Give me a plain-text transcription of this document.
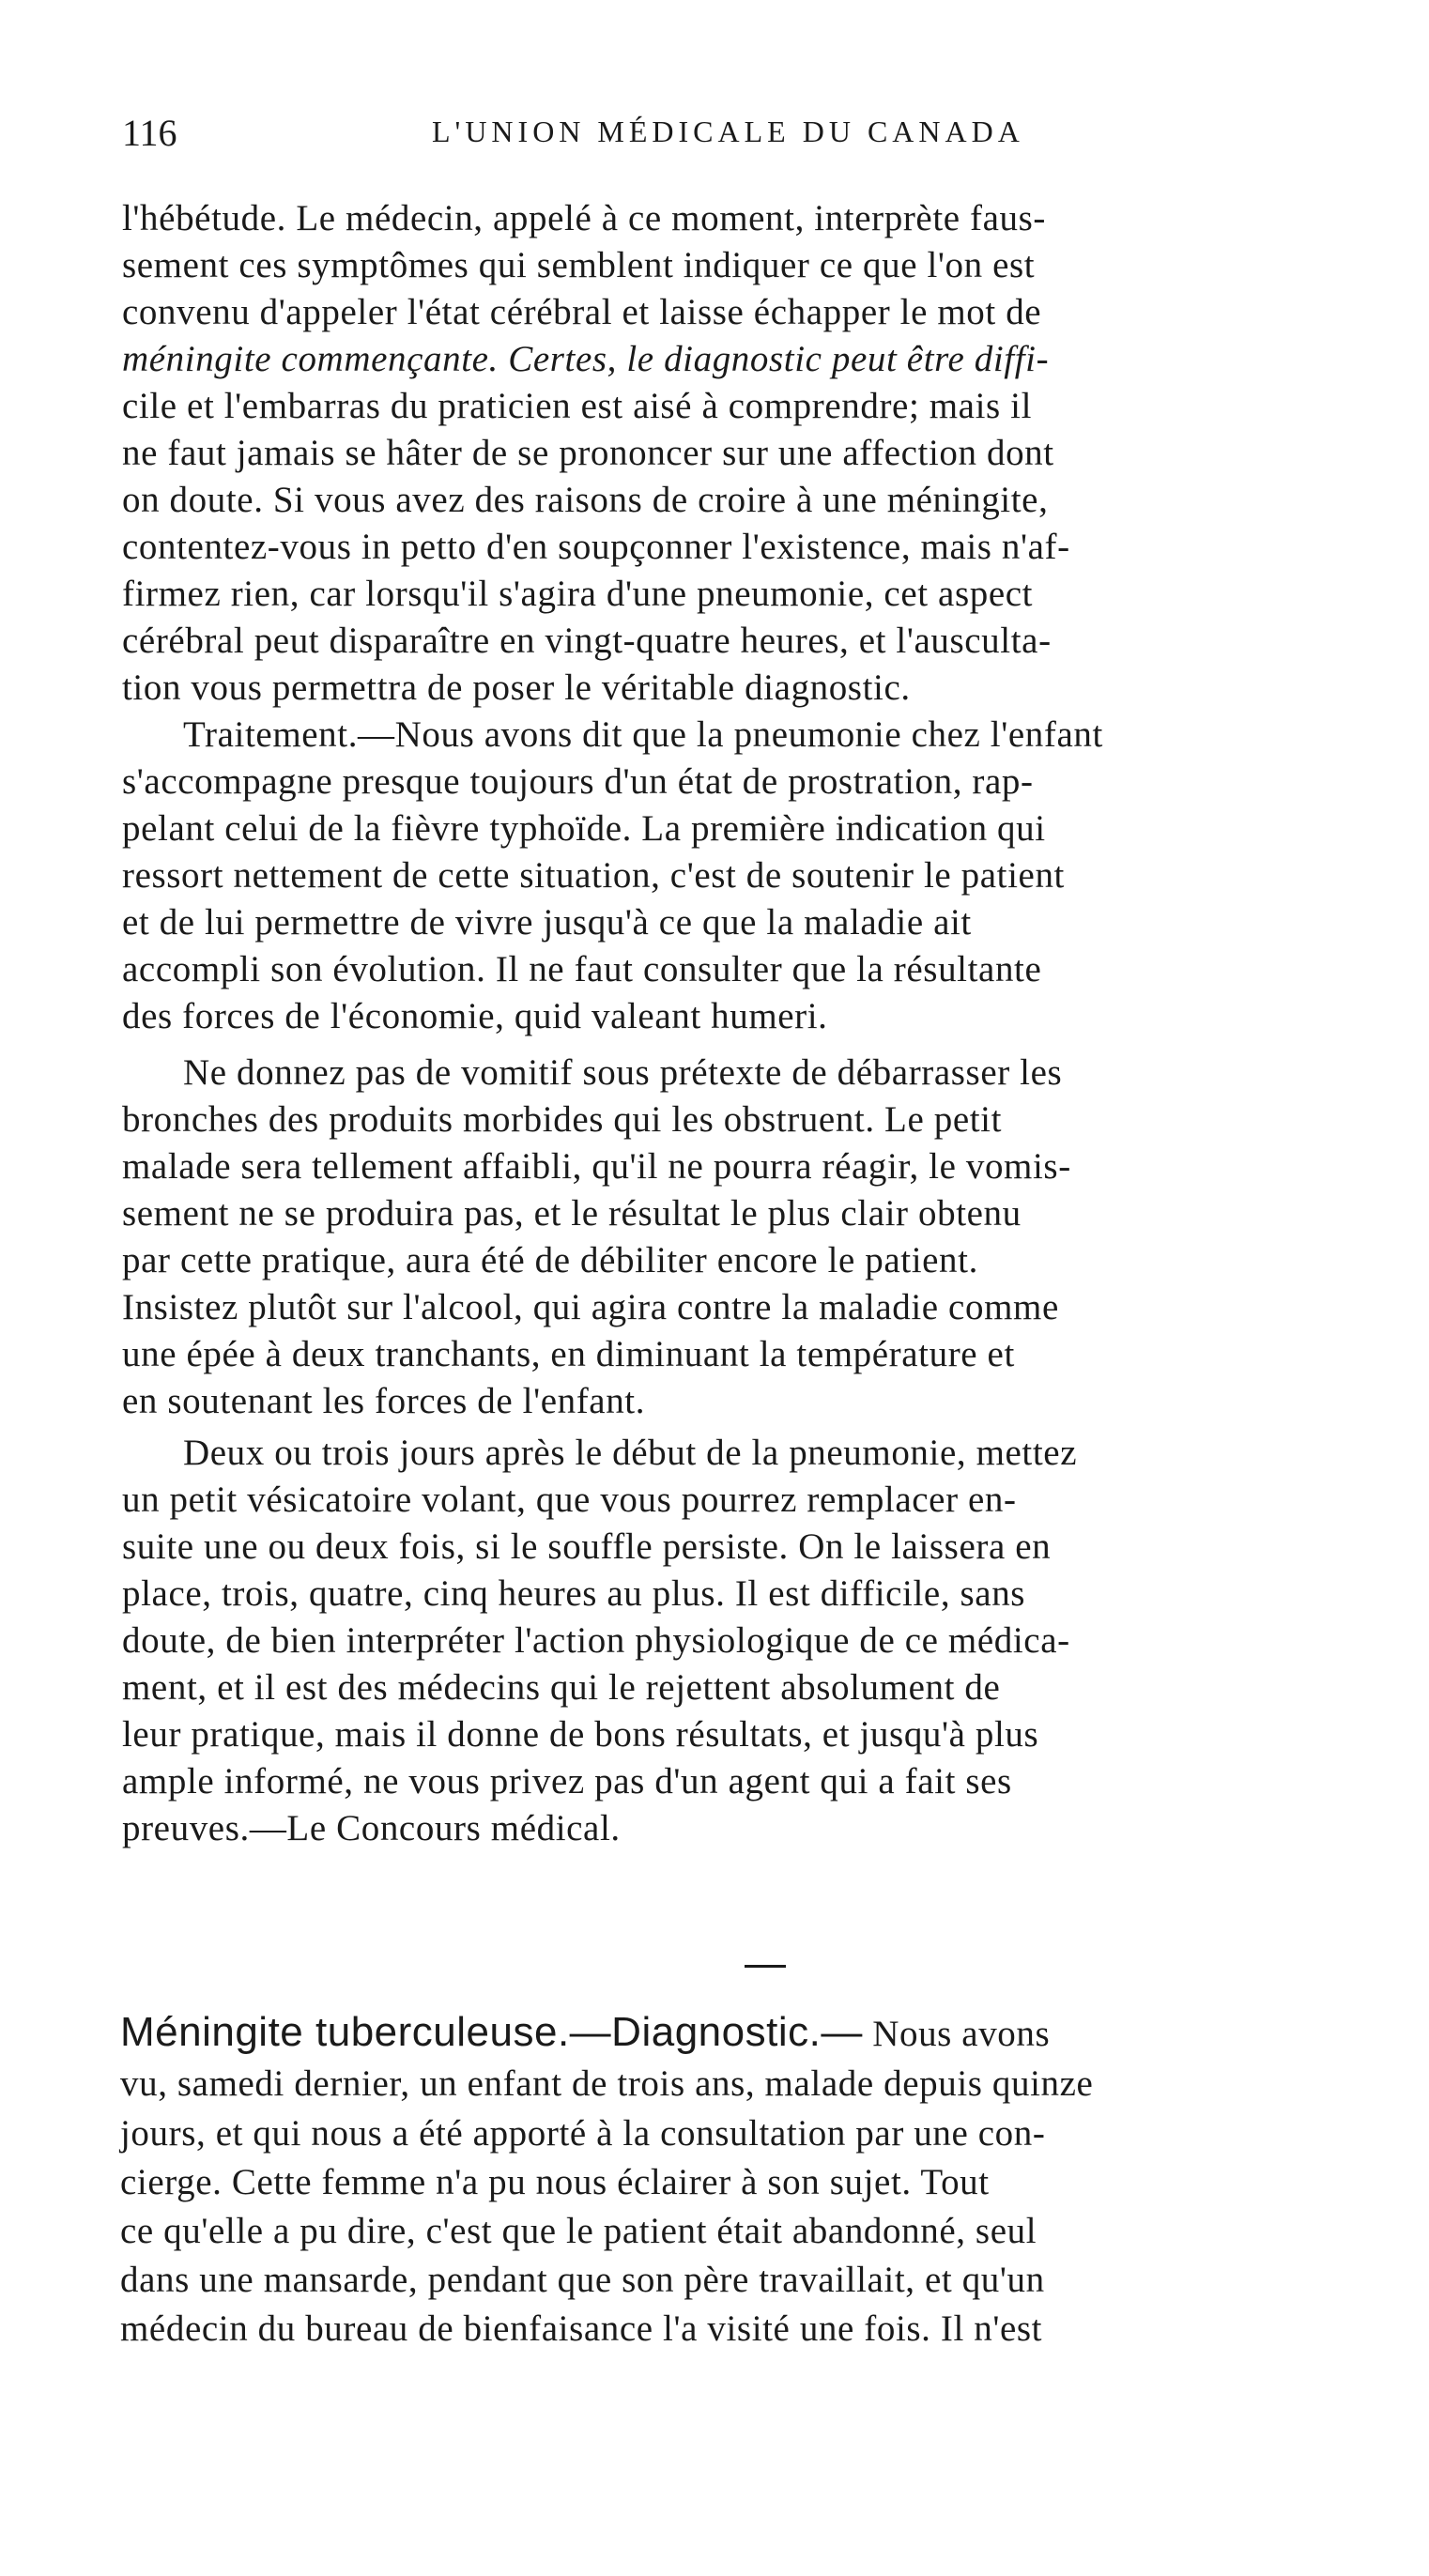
116	L'UNION MÉDICALE DU CANADA
l'hébétude. Le médecin, appelé à ce moment, interprète faus-
sement ces symptômes qui semblent indiquer ce que l'on est
convenu d'appeler l'état cérébral et laisse échapper le mot de
méningite commençante. Certes, le diagnostic peut être diffi-
cile et l'embarras du praticien est aisé à comprendre; mais il
ne faut jamais se hâter de se prononcer sur une affection dont
on doute. Si vous avez des raisons de croire à une méningite,
contentez-vous in petto d'en soupçonner l'existence, mais n'af-
firmez rien, car lorsqu'il s'agira d'une pneumonie, cet aspect
cérébral peut disparaître en vingt-quatre heures, et l'ausculta-
tion vous permettra de poser le véritable diagnostic.
Traitement.—Nous avons dit que la pneumonie chez l'enfant
s'accompagne presque toujours d'un état de prostration, rap-
pelant celui de la fièvre typhoïde. La première indication qui
ressort nettement de cette situation, c'est de soutenir le patient
et de lui permettre de vivre jusqu'à ce que la maladie ait
accompli son évolution. Il ne faut consulter que la résultante
des forces de l'économie, quid valeant humeri.
Ne donnez pas de vomitif sous prétexte de débarrasser les
bronches des produits morbides qui les obstruent. Le petit
malade sera tellement affaibli, qu'il ne pourra réagir, le vomis-
sement ne se produira pas, et le résultat le plus clair obtenu
par cette pratique, aura été de débiliter encore le patient.
Insistez plutôt sur l'alcool, qui agira contre la maladie comme
une épée à deux tranchants, en diminuant la température et
en soutenant les forces de l'enfant.
Deux ou trois jours après le début de la pneumonie, mettez
un petit vésicatoire volant, que vous pourrez remplacer en-
suite une ou deux fois, si le souffle persiste. On le laissera en
place, trois, quatre, cinq heures au plus. Il est difficile, sans
doute, de bien interpréter l'action physiologique de ce médica-
ment, et il est des médecins qui le rejettent absolument de
leur pratique, mais il donne de bons résultats, et jusqu'à plus
ample informé, ne vous privez pas d'un agent qui a fait ses
preuves.—Le Concours médical.
Méningite tuberculeuse.—Diagnostic.— Nous avons
vu, samedi dernier, un enfant de trois ans, malade depuis quinze
jours, et qui nous a été apporté à la consultation par une con-
cierge. Cette femme n'a pu nous éclairer à son sujet. Tout
ce qu'elle a pu dire, c'est que le patient était abandonné, seul
dans une mansarde, pendant que son père travaillait, et qu'un
médecin du bureau de bienfaisance l'a visité une fois. Il n'est
